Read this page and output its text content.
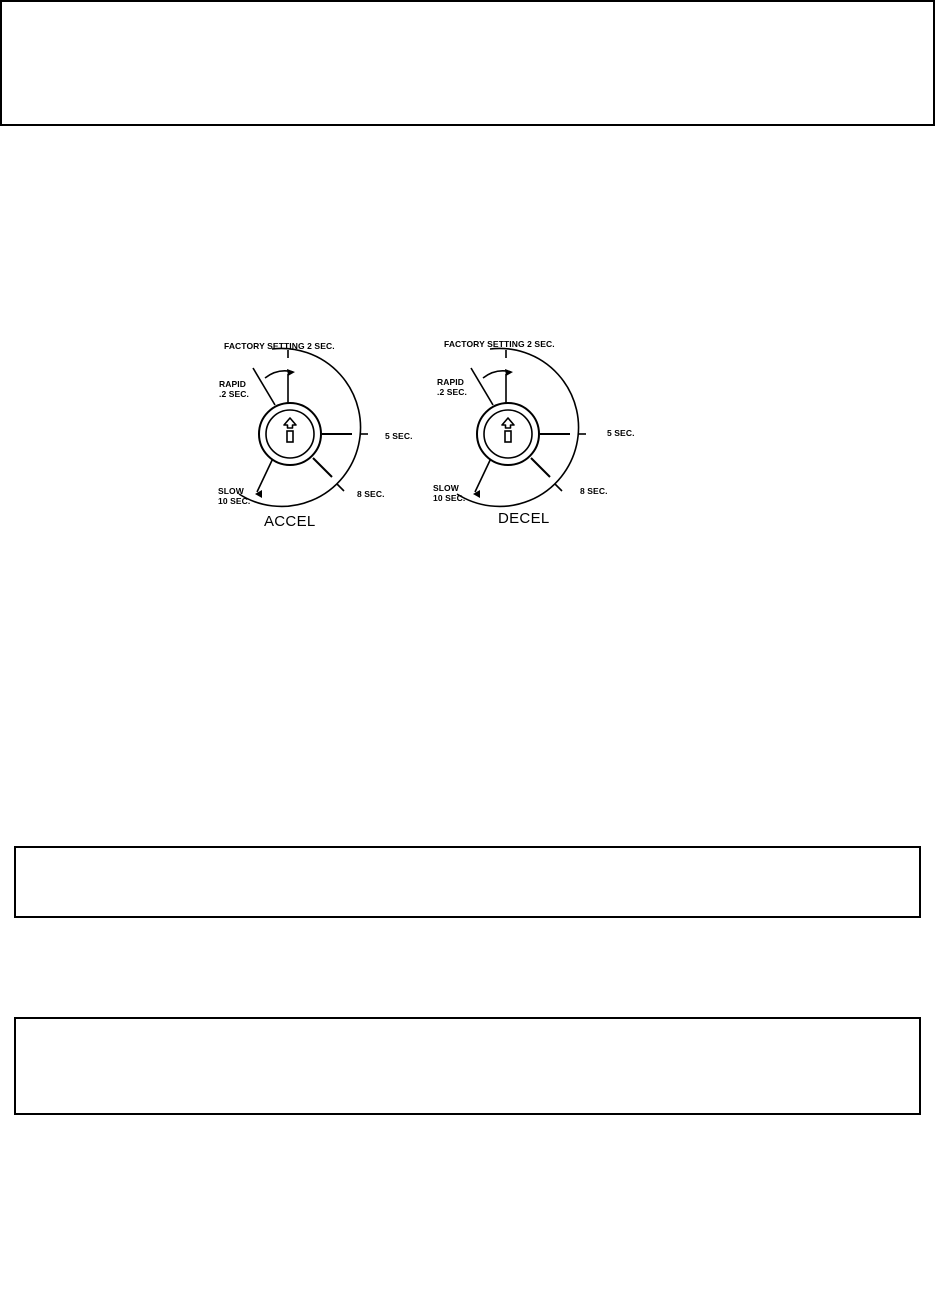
FACTORY SETTING 2 SEC.
RAPID
.2 SEC.
5 SEC.
8 SEC.
SLOW
10 SEC.
ACCEL
FACTORY SETTING 2 SEC.
RAPID
.2 SEC.
5 SEC.
8 SEC.
SLOW
10 SEC.
DECEL
